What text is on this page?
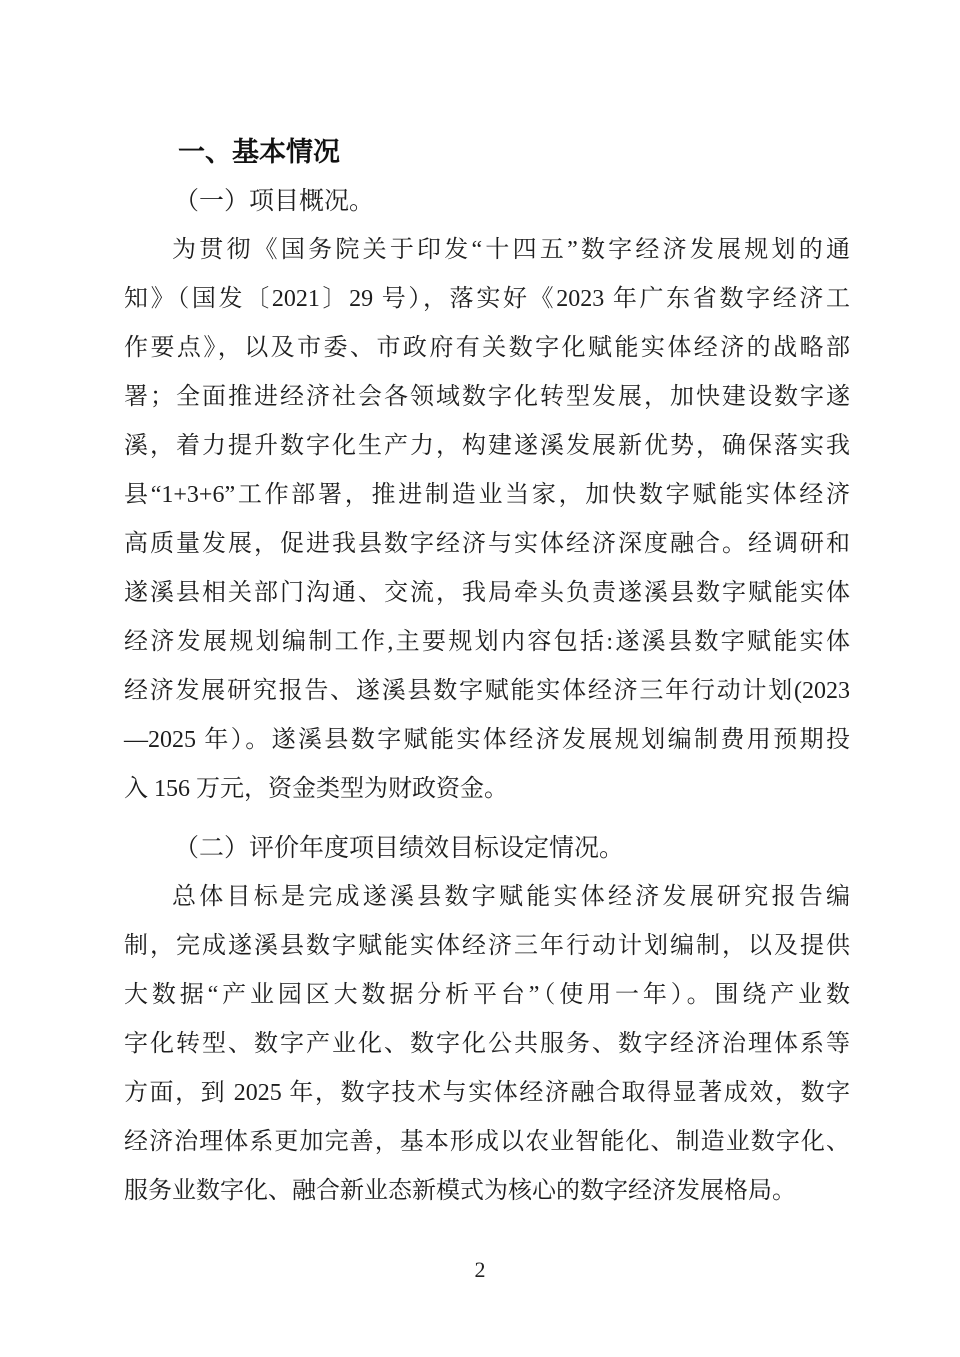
一、基本情况
（一）项目概况。
为贯彻《国务院关于印发“十四五”数字经济发展规划的通
知》（国发〔2021〕29 号），落实好《2023 年广东省数字经济工
作要点》，以及市委、市政府有关数字化赋能实体经济的战略部
署；全面推进经济社会各领域数字化转型发展，加快建设数字遂
溪，着力提升数字化生产力，构建遂溪发展新优势，确保落实我
县“1+3+6”工作部署，推进制造业当家，加快数字赋能实体经济
高质量发展，促进我县数字经济与实体经济深度融合。经调研和
遂溪县相关部门沟通、交流，我局牵头负责遂溪县数字赋能实体
经济发展规划编制工作,主要规划内容包括:遂溪县数字赋能实体
经济发展研究报告、遂溪县数字赋能实体经济三年行动计划(2023
—2025 年）。遂溪县数字赋能实体经济发展规划编制费用预期投
入 156 万元，资金类型为财政资金。
（二）评价年度项目绩效目标设定情况。
总体目标是完成遂溪县数字赋能实体经济发展研究报告编
制，完成遂溪县数字赋能实体经济三年行动计划编制，以及提供
大数据“产业园区大数据分析平台”（使用一年）。围绕产业数
字化转型、数字产业化、数字化公共服务、数字经济治理体系等
方面，到 2025 年，数字技术与实体经济融合取得显著成效，数字
经济治理体系更加完善，基本形成以农业智能化、制造业数字化、
服务业数字化、融合新业态新模式为核心的数字经济发展格局。
2
